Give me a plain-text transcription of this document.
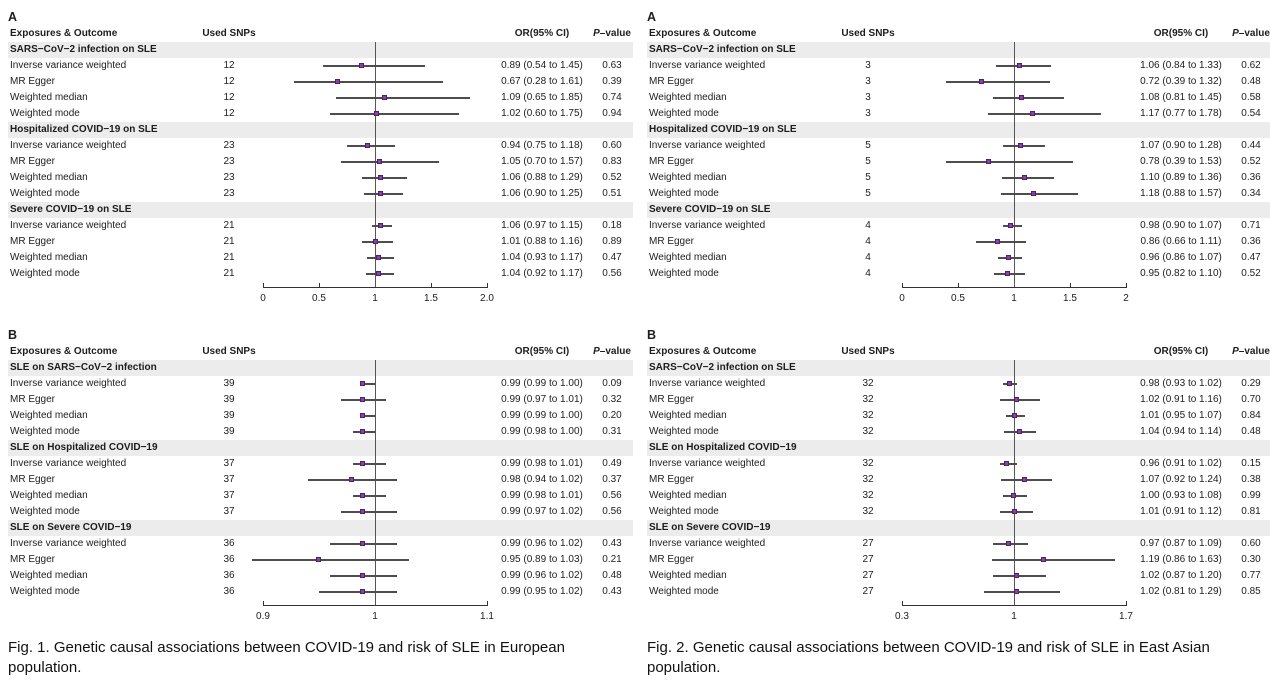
A
Exposures & Outcome	Used SNPs	OR(95% CI)	P–value
SARS−CoV−2 infection on SLE
Inverse variance weighted	12	0.89 (0.54 to 1.45)	0.63
MR Egger	12	0.67 (0.28 to 1.61)	0.39
Weighted median	12	1.09 (0.65 to 1.85)	0.74
Weighted mode	12	1.02 (0.60 to 1.75)	0.94
Hospitalized COVID−19 on SLE
Inverse variance weighted	23	0.94 (0.75 to 1.18)	0.60
MR Egger	23	1.05 (0.70 to 1.57)	0.83
Weighted median	23	1.06 (0.88 to 1.29)	0.52
Weighted mode	23	1.06 (0.90 to 1.25)	0.51
Severe COVID−19 on SLE
Inverse variance weighted	21	1.06 (0.97 to 1.15)	0.18
MR Egger	21	1.01 (0.88 to 1.16)	0.89
Weighted median	21	1.04 (0.93 to 1.17)	0.47
Weighted mode	21	1.04 (0.92 to 1.17)	0.56
0	0.5	1	1.5	2.0
B
Exposures & Outcome	Used SNPs	OR(95% CI)	P–value
SLE on SARS−CoV−2 infection
Inverse variance weighted	39	0.99 (0.99 to 1.00)	0.09
MR Egger	39	0.99 (0.97 to 1.01)	0.32
Weighted median	39	0.99 (0.99 to 1.00)	0.20
Weighted mode	39	0.99 (0.98 to 1.00)	0.31
SLE on Hospitalized COVID−19
Inverse variance weighted	37	0.99 (0.98 to 1.01)	0.49
MR Egger	37	0.98 (0.94 to 1.02)	0.37
Weighted median	37	0.99 (0.98 to 1.01)	0.56
Weighted mode	37	0.99 (0.97 to 1.02)	0.56
SLE on Severe COVID−19
Inverse variance weighted	36	0.99 (0.96 to 1.02)	0.43
MR Egger	36	0.95 (0.89 to 1.03)	0.21
Weighted median	36	0.99 (0.96 to 1.02)	0.48
Weighted mode	36	0.99 (0.95 to 1.02)	0.43
0.9	1	1.1
Fig. 1. Genetic causal associations between COVID-19 and risk of SLE in European population.
A
Exposures & Outcome	Used SNPs	OR(95% CI)	P–value
SARS−CoV−2 infection on SLE
Inverse variance weighted	3	1.06 (0.84 to 1.33)	0.62
MR Egger	3	0.72 (0.39 to 1.32)	0.48
Weighted median	3	1.08 (0.81 to 1.45)	0.58
Weighted mode	3	1.17 (0.77 to 1.78)	0.54
Hospitalized COVID−19 on SLE
Inverse variance weighted	5	1.07 (0.90 to 1.28)	0.44
MR Egger	5	0.78 (0.39 to 1.53)	0.52
Weighted median	5	1.10 (0.89 to 1.36)	0.36
Weighted mode	5	1.18 (0.88 to 1.57)	0.34
Severe COVID−19 on SLE
Inverse variance weighted	4	0.98 (0.90 to 1.07)	0.71
MR Egger	4	0.86 (0.66 to 1.11)	0.36
Weighted median	4	0.96 (0.86 to 1.07)	0.47
Weighted mode	4	0.95 (0.82 to 1.10)	0.52
0	0.5	1	1.5	2
B
Exposures & Outcome	Used SNPs	OR(95% CI)	P–value
SARS−CoV−2 infection on SLE
Inverse variance weighted	32	0.98 (0.93 to 1.02)	0.29
MR Egger	32	1.02 (0.91 to 1.16)	0.70
Weighted median	32	1.01 (0.95 to 1.07)	0.84
Weighted mode	32	1.04 (0.94 to 1.14)	0.48
SLE on Hospitalized COVID−19
Inverse variance weighted	32	0.96 (0.91 to 1.02)	0.15
MR Egger	32	1.07 (0.92 to 1.24)	0.38
Weighted median	32	1.00 (0.93 to 1.08)	0.99
Weighted mode	32	1.01 (0.91 to 1.12)	0.81
SLE on Severe COVID−19
Inverse variance weighted	27	0.97 (0.87 to 1.09)	0.60
MR Egger	27	1.19 (0.86 to 1.63)	0.30
Weighted median	27	1.02 (0.87 to 1.20)	0.77
Weighted mode	27	1.02 (0.81 to 1.29)	0.85
0.3	1	1.7
Fig. 2. Genetic causal associations between COVID-19 and risk of SLE in East Asian population.
